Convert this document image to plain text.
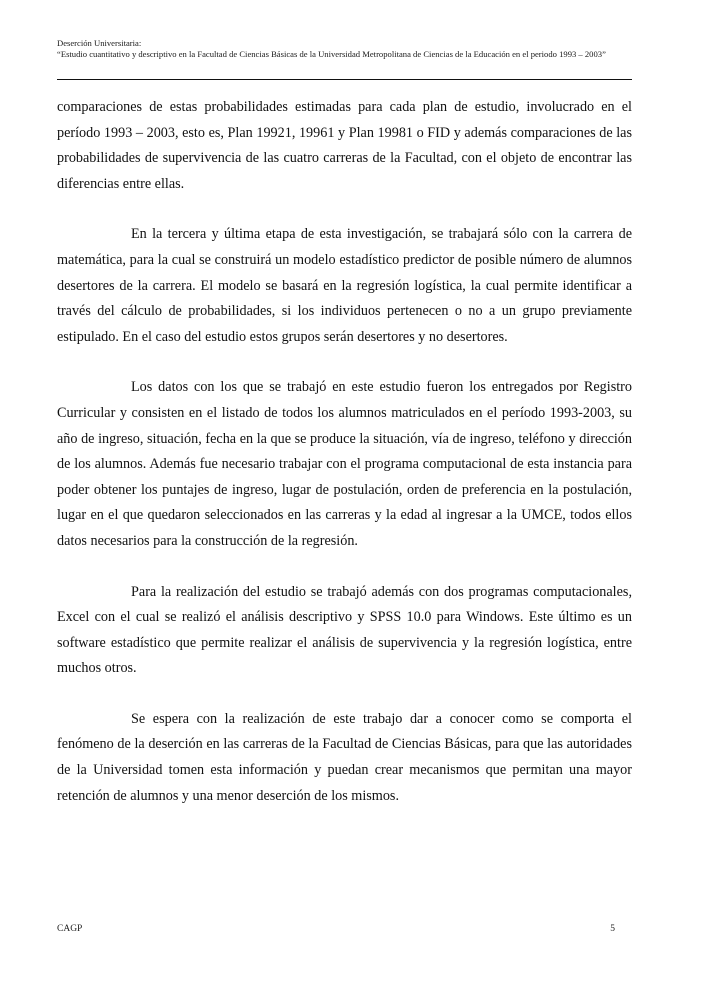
Deserción Universitaria:
“Estudio cuantitativo y descriptivo en la Facultad de Ciencias Básicas de la Universidad Metropolitana de Ciencias de la Educación en el periodo 1993 – 2003”

comparaciones de estas probabilidades estimadas para cada plan de estudio, involucrado en el período 1993 – 2003, esto es, Plan 19921, 19961 y Plan 19981 o FID y además comparaciones de las probabilidades de supervivencia de las cuatro carreras de la Facultad, con el objeto de encontrar las diferencias entre ellas.

En la tercera y última etapa de esta investigación, se trabajará sólo con la carrera de matemática, para la cual se construirá un modelo estadístico predictor de posible número de alumnos desertores de la carrera. El modelo se basará en la regresión logística, la cual permite identificar a través del cálculo de probabilidades, si los individuos pertenecen o no a un grupo previamente estipulado. En el caso del estudio estos grupos serán desertores y no desertores.

Los datos con los que se trabajó en este estudio fueron los entregados por Registro Curricular y consisten en el listado de todos los alumnos matriculados en el período 1993-2003, su año de ingreso, situación, fecha en la que se produce la situación, vía de ingreso, teléfono y dirección de los alumnos. Además fue necesario trabajar con el programa computacional de esta instancia para poder obtener los puntajes de ingreso, lugar de postulación, orden de preferencia en la postulación, lugar en el que quedaron seleccionados en las carreras y la edad al ingresar a la UMCE, todos ellos datos necesarios para la construcción de la regresión.

Para la realización del estudio se trabajó además con dos programas computacionales, Excel con el cual se realizó el análisis descriptivo y SPSS 10.0 para Windows. Este último es un software estadístico que permite realizar el análisis de supervivencia y la regresión logística, entre muchos otros.

Se espera con la realización de este trabajo dar a conocer como se comporta el fenómeno de la deserción en las carreras de la Facultad de Ciencias Básicas, para que las autoridades de la Universidad tomen esta información y puedan crear mecanismos que permitan una mayor retención de alumnos y una menor deserción de los mismos.

CAGP	5
